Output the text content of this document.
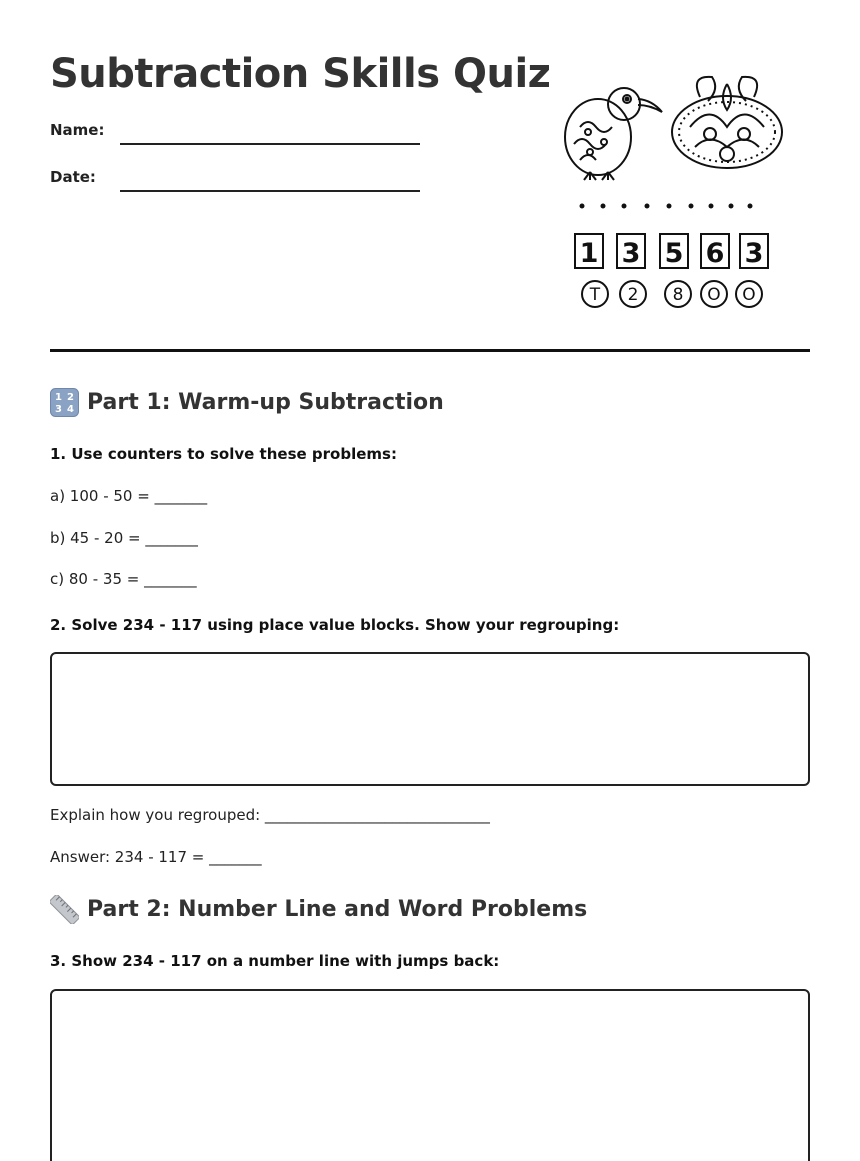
Subtraction Skills Quiz
Name:
Date:
1 3 5 6 3
T 2 8 O O
1 2
3 4 Part 1: Warm-up Subtraction
1. Use counters to solve these problems:
a) 100 - 50 = _______
b) 45 - 20 = _______
c) 80 - 35 = _______
2. Solve 234 - 117 using place value blocks. Show your regrouping:
Explain how you regrouped: ______________________________
Answer: 234 - 117 = _______
Part 2: Number Line and Word Problems
3. Show 234 - 117 on a number line with jumps back:
